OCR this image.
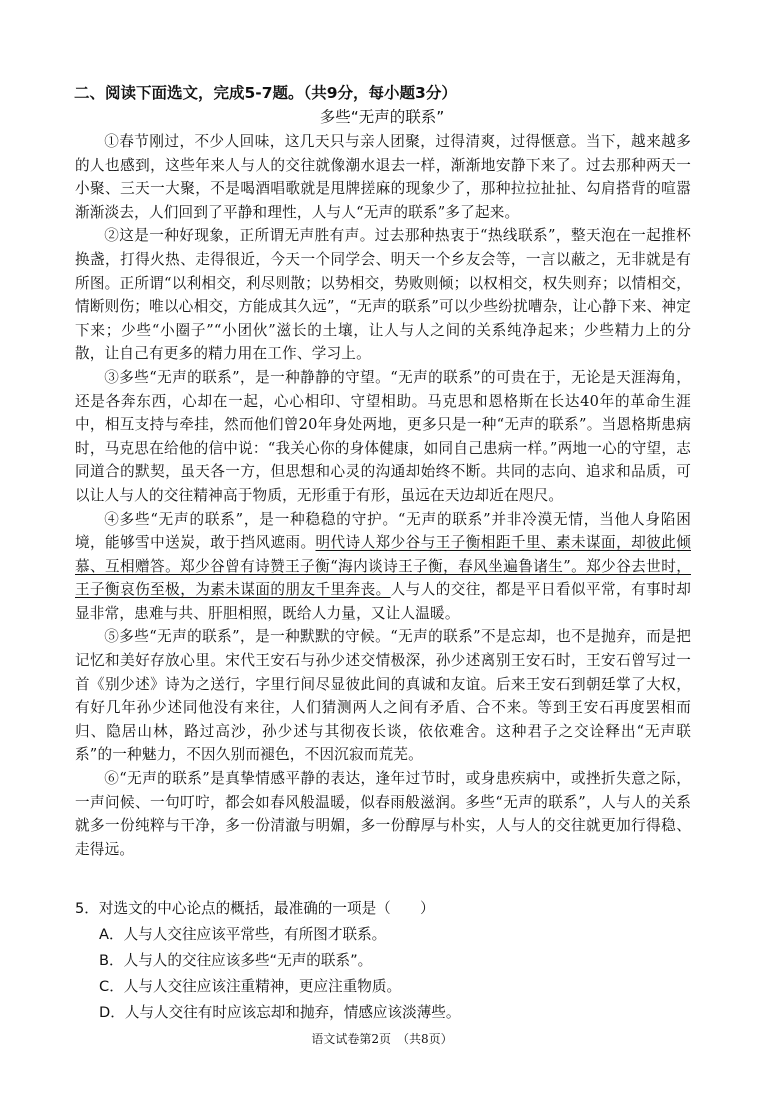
二、阅读下面选文，完成5-7题。（共9分，每小题3分）
多些“无声的联系”

①春节刚过，不少人回味，这几天只与亲人团聚，过得清爽，过得惬意。当下，越来越多的人也感到，这些年来人与人的交往就像潮水退去一样，渐渐地安静下来了。过去那种两天一小聚、三天一大聚，不是喝酒唱歌就是甩牌搓麻的现象少了，那种拉拉扯扯、勾肩搭背的喧嚣渐渐淡去，人们回到了平静和理性，人与人“无声的联系”多了起来。

②这是一种好现象，正所谓无声胜有声。过去那种热衷于“热线联系”，整天泡在一起推杯换盏，打得火热、走得很近，今天一个同学会、明天一个乡友会等，一言以蔽之，无非就是有所图。正所谓“以利相交，利尽则散；以势相交，势败则倾；以权相交，权失则弃；以情相交，情断则伤；唯以心相交，方能成其久远”，“无声的联系”可以少些纷扰嘈杂，让心静下来、神定下来；少些“小圈子”“小团伙”滋长的土壤，让人与人之间的关系纯净起来；少些精力上的分散，让自己有更多的精力用在工作、学习上。

③多些“无声的联系”，是一种静静的守望。“无声的联系”的可贵在于，无论是天涯海角，还是各奔东西，心却在一起，心心相印、守望相助。马克思和恩格斯在长达40年的革命生涯中，相互支持与牵挂，然而他们曾20年身处两地，更多只是一种“无声的联系”。当恩格斯患病时，马克思在给他的信中说：“我关心你的身体健康，如同自己患病一样。”两地一心的守望，志同道合的默契，虽天各一方，但思想和心灵的沟通却始终不断。共同的志向、追求和品质，可以让人与人的交往精神高于物质，无形重于有形，虽远在天边却近在咫尺。

④多些“无声的联系”，是一种稳稳的守护。“无声的联系”并非冷漠无情，当他人身陷困境，能够雪中送炭，敢于挡风遮雨。明代诗人郑少谷与王子衡相距千里、素未谋面，却彼此倾慕、互相赠答。郑少谷曾有诗赞王子衡“海内谈诗王子衡，春风坐遍鲁诸生”。郑少谷去世时，王子衡哀伤至极，为素未谋面的朋友千里奔丧。人与人的交往，都是平日看似平常，有事时却显非常，患难与共、肝胆相照，既给人力量，又让人温暖。

⑤多些“无声的联系”，是一种默默的守候。“无声的联系”不是忘却，也不是抛弃，而是把记忆和美好存放心里。宋代王安石与孙少述交情极深，孙少述离别王安石时，王安石曾写过一首《别少述》诗为之送行，字里行间尽显彼此间的真诚和友谊。后来王安石到朝廷掌了大权，有好几年孙少述同他没有来往，人们猜测两人之间有矛盾、合不来。等到王安石再度罢相而归、隐居山林，路过高沙，孙少述与其彻夜长谈，依依难舍。这种君子之交诠释出“无声联系”的一种魅力，不因久别而褪色，不因沉寂而荒芜。

⑥“无声的联系”是真挚情感平静的表达，逢年过节时，或身患疾病中，或挫折失意之际，一声问候、一句叮咛，都会如春风般温暖，似春雨般滋润。多些“无声的联系”，人与人的关系就多一份纯粹与干净，多一份清澈与明媚，多一份醇厚与朴实，人与人的交往就更加行得稳、走得远。

5．对选文的中心论点的概括，最准确的一项是（　　）
A．人与人交往应该平常些，有所图才联系。
B．人与人的交往应该多些“无声的联系”。
C．人与人交往应该注重精神，更应注重物质。
D．人与人交往有时应该忘却和抛弃，情感应该淡薄些。
语文试卷第2页　（共8页）
